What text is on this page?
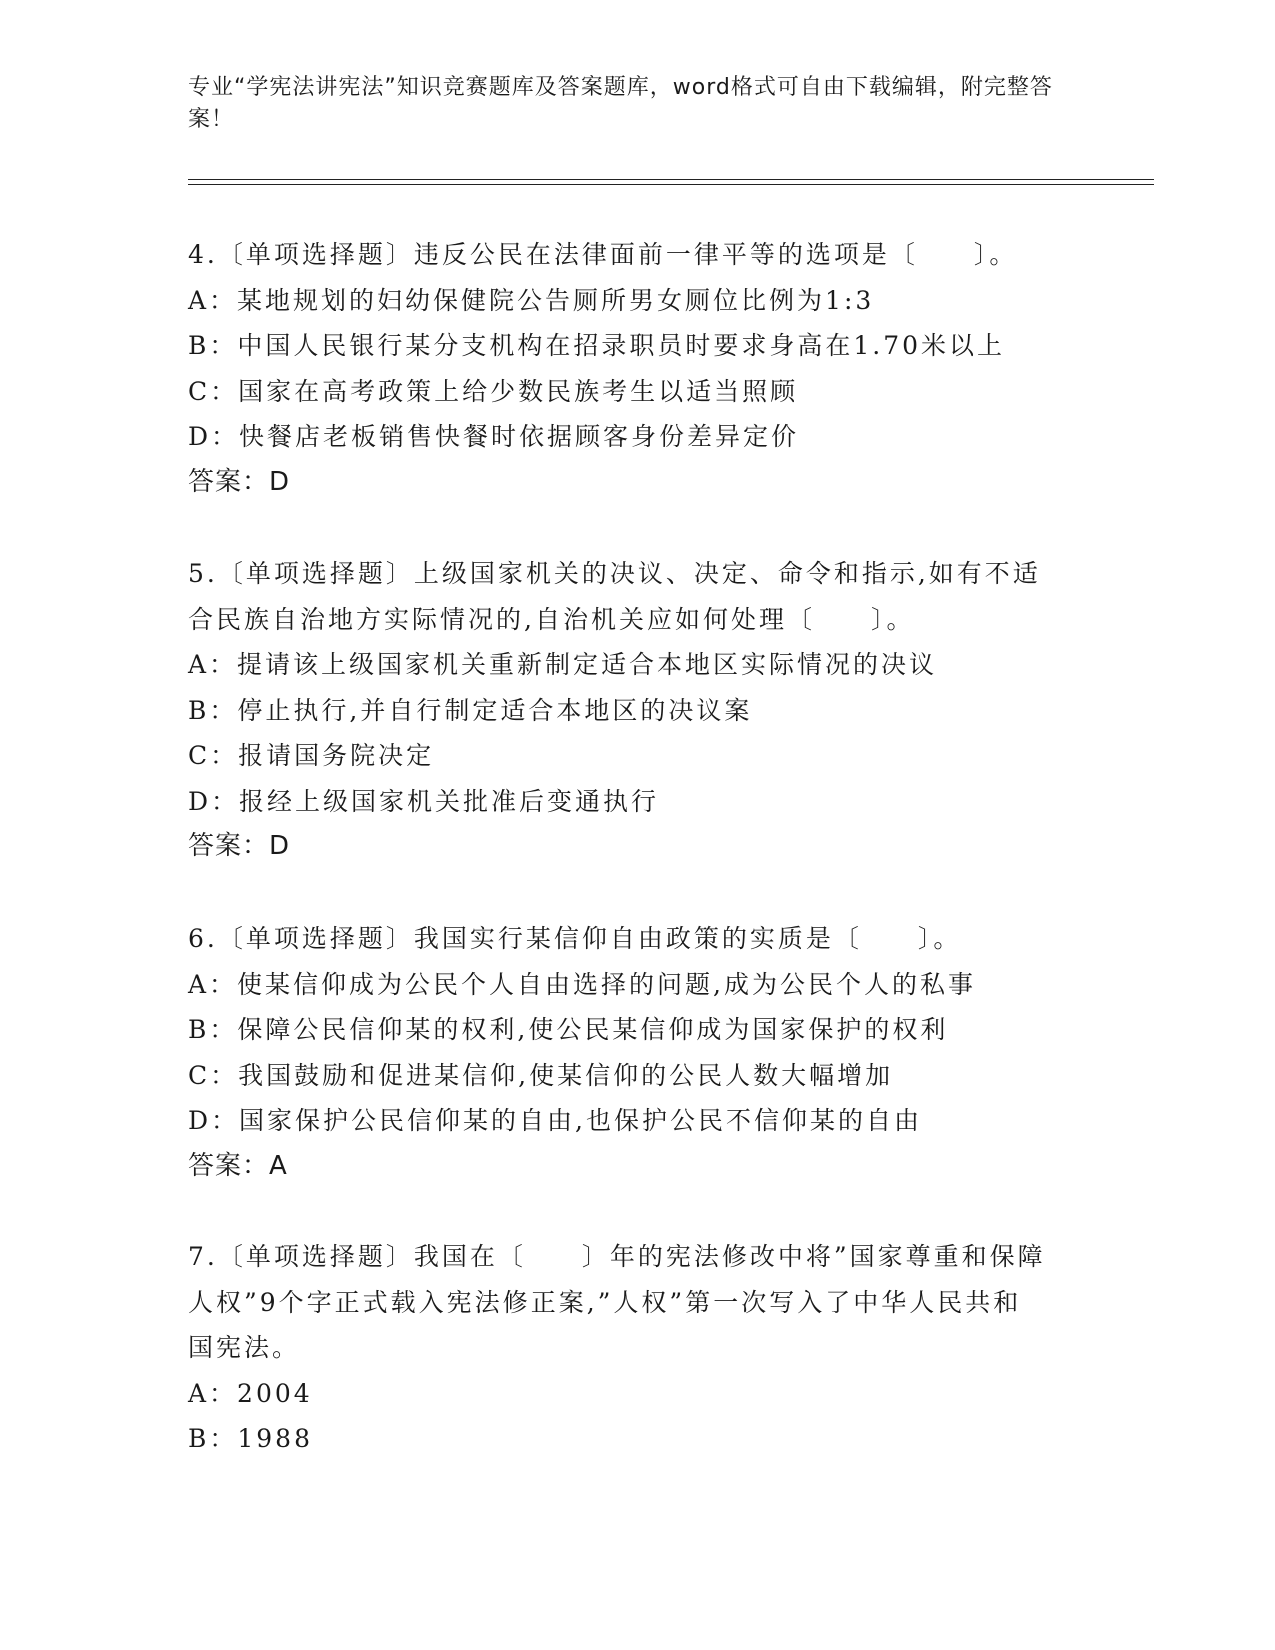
专业“学宪法讲宪法”知识竞赛题库及答案题库，word格式可自由下载编辑，附完整答案！
4.〔单项选择题〕违反公民在法律面前一律平等的选项是〔　　〕。
A：某地规划的妇幼保健院公告厕所男女厕位比例为1:3
B：中国人民银行某分支机构在招录职员时要求身高在1.70米以上
C：国家在高考政策上给少数民族考生以适当照顾
D：快餐店老板销售快餐时依据顾客身份差异定价
答案：D
5.〔单项选择题〕上级国家机关的决议、决定、命令和指示,如有不适合民族自治地方实际情况的,自治机关应如何处理〔　　〕。
A：提请该上级国家机关重新制定适合本地区实际情况的决议
B：停止执行,并自行制定适合本地区的决议案
C：报请国务院决定
D：报经上级国家机关批准后变通执行
答案：D
6.〔单项选择题〕我国实行某信仰自由政策的实质是〔　　〕。
A：使某信仰成为公民个人自由选择的问题,成为公民个人的私事
B：保障公民信仰某的权利,使公民某信仰成为国家保护的权利
C：我国鼓励和促进某信仰,使某信仰的公民人数大幅增加
D：国家保护公民信仰某的自由,也保护公民不信仰某的自由
答案：A
7.〔单项选择题〕我国在〔　　〕年的宪法修改中将”国家尊重和保障人权”9个字正式载入宪法修正案,”人权”第一次写入了中华人民共和国宪法。
A：2004
B：1988
